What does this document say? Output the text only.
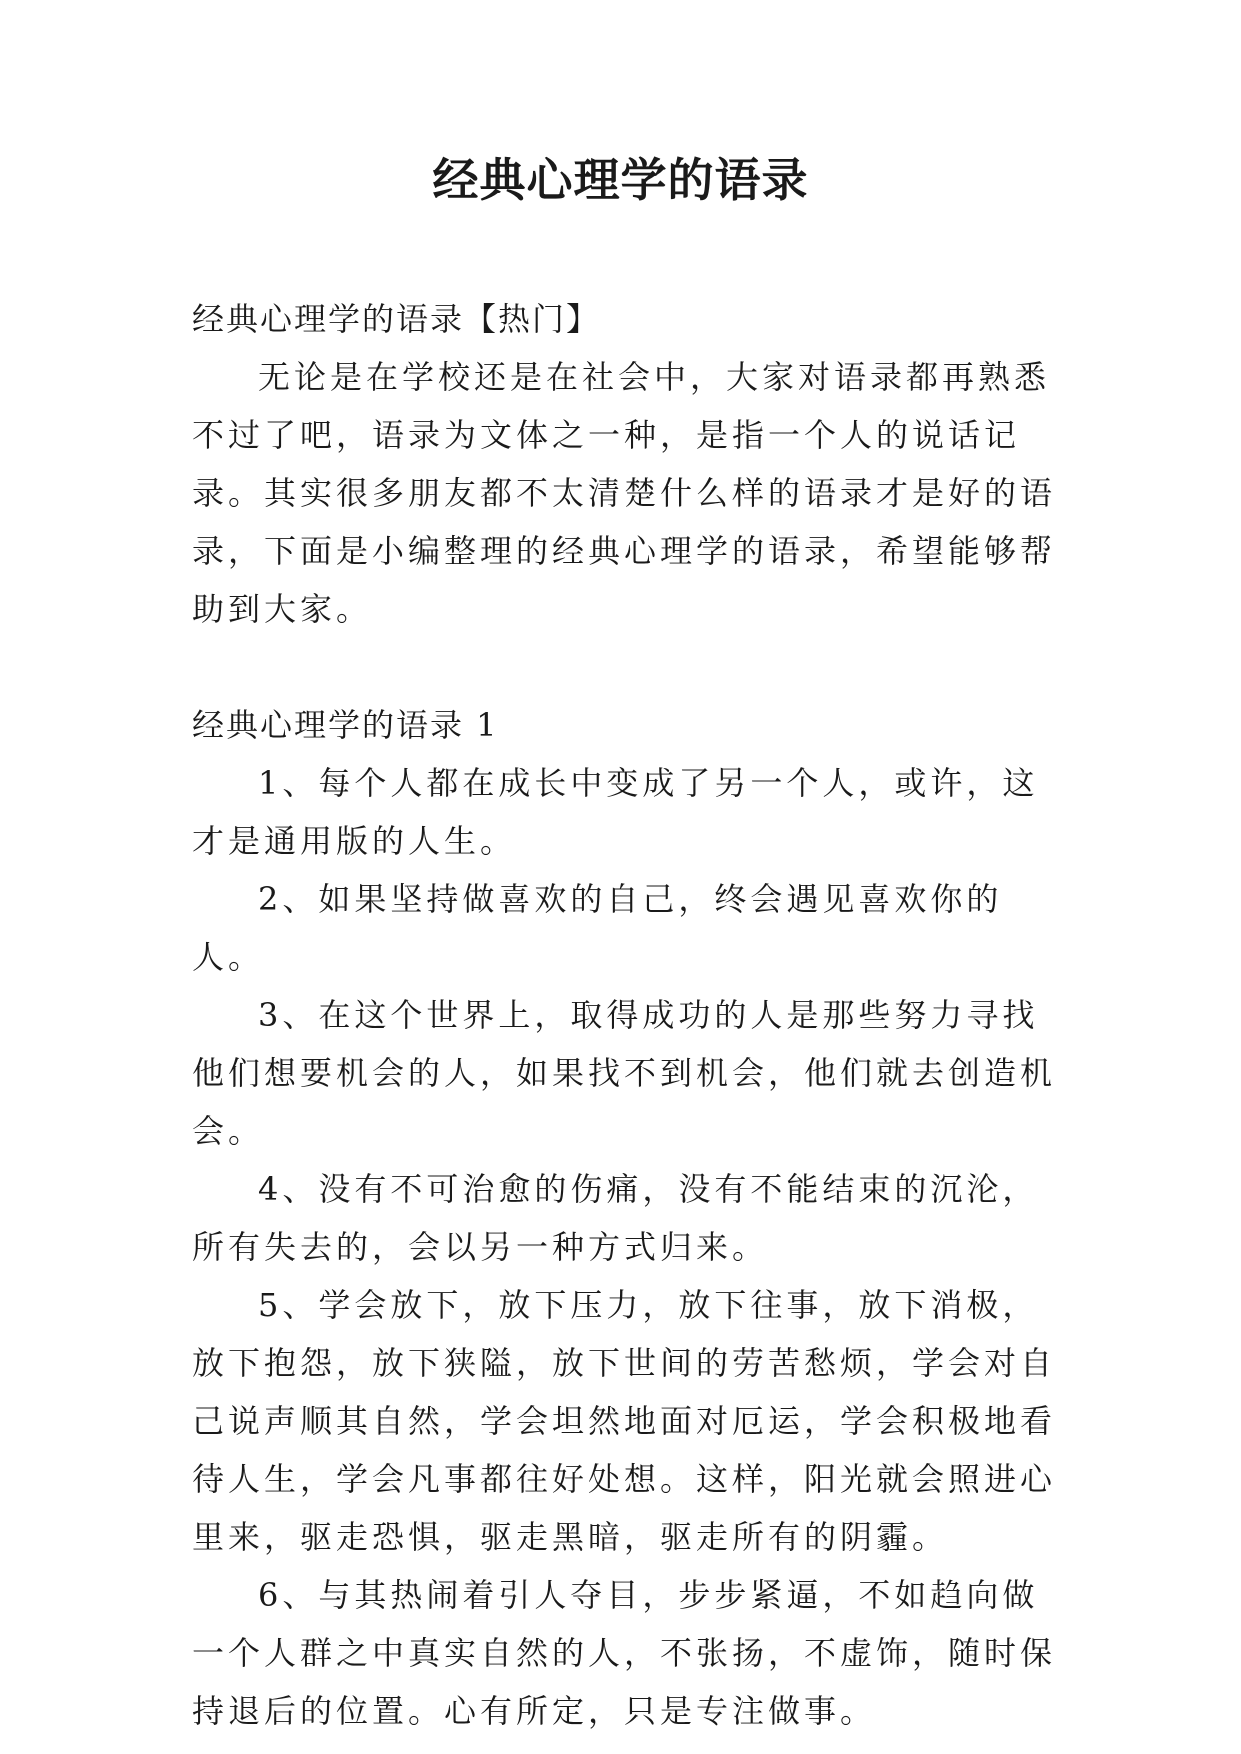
经典心理学的语录

经典心理学的语录【热门】

无论是在学校还是在社会中，大家对语录都再熟悉不过了吧，语录为文体之一种，是指一个人的说话记录。其实很多朋友都不太清楚什么样的语录才是好的语录，下面是小编整理的经典心理学的语录，希望能够帮助到大家。

经典心理学的语录 1

1、每个人都在成长中变成了另一个人，或许，这才是通用版的人生。

2、如果坚持做喜欢的自己，终会遇见喜欢你的人。

3、在这个世界上，取得成功的人是那些努力寻找他们想要机会的人，如果找不到机会，他们就去创造机会。

4、没有不可治愈的伤痛，没有不能结束的沉沦，所有失去的，会以另一种方式归来。

5、学会放下，放下压力，放下往事，放下消极，放下抱怨，放下狭隘，放下世间的劳苦愁烦，学会对自己说声顺其自然，学会坦然地面对厄运，学会积极地看待人生，学会凡事都往好处想。这样，阳光就会照进心里来，驱走恐惧，驱走黑暗，驱走所有的阴霾。

6、与其热闹着引人夺目，步步紧逼，不如趋向做一个人群之中真实自然的人，不张扬，不虚饰，随时保持退后的位置。心有所定，只是专注做事。
